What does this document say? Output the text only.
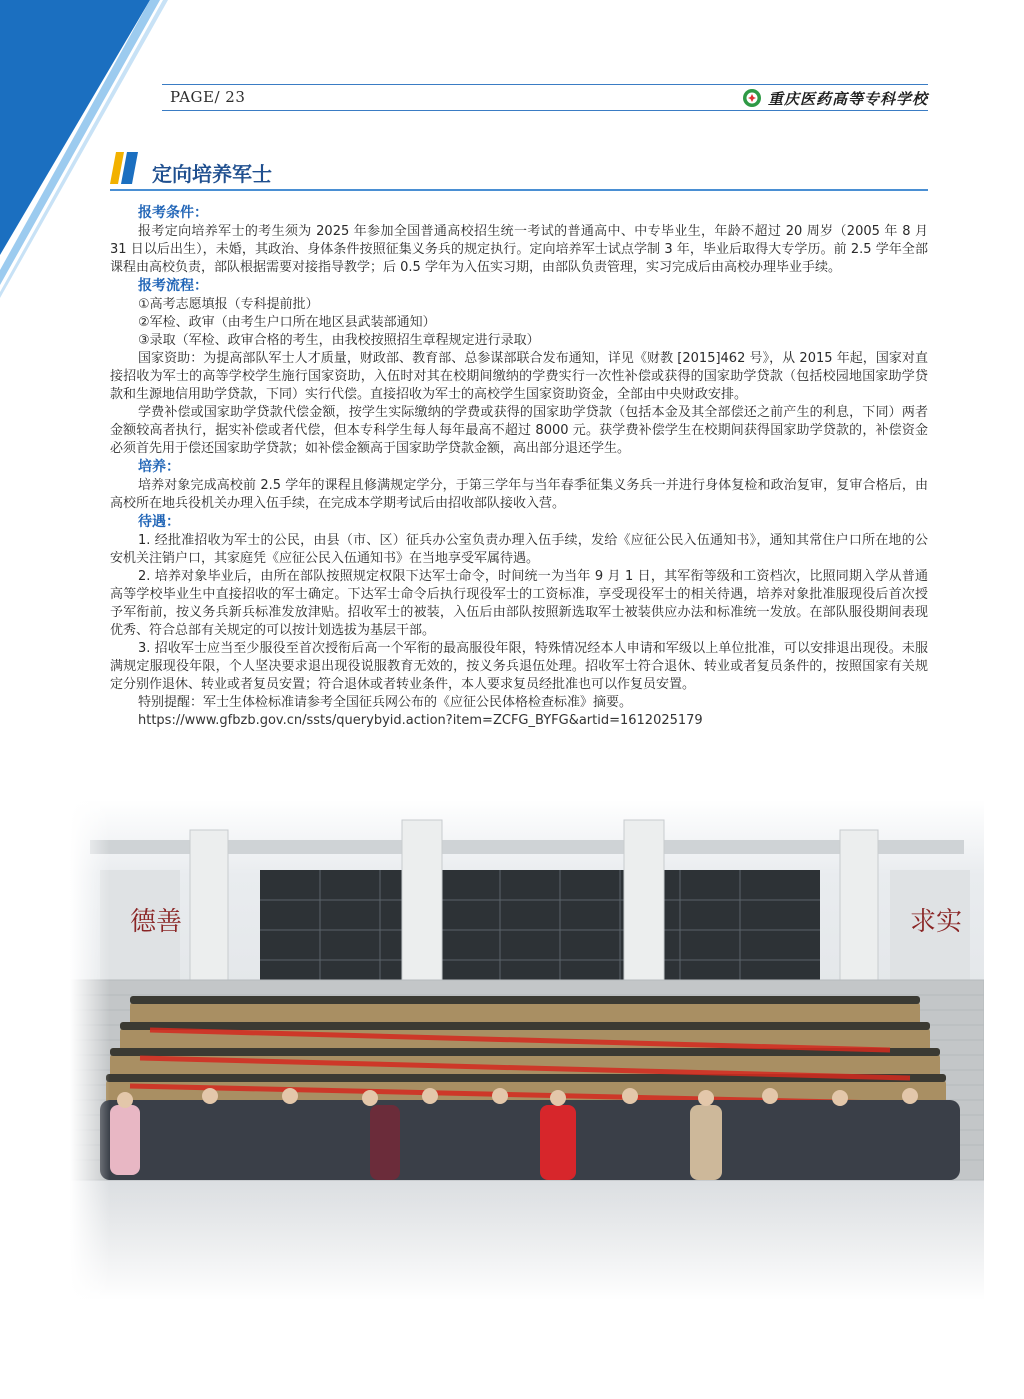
PAGE/ 23	重庆医药高等专科学校
定向培养军士

报考条件：

报考定向培养军士的考生须为 2025 年参加全国普通高校招生统一考试的普通高中、中专毕业生，年龄不超过 20 周岁（2005 年 8 月 31 日以后出生），未婚，其政治、身体条件按照征集义务兵的规定执行。定向培养军士试点学制 3 年，毕业后取得大专学历。前 2.5 学年全部课程由高校负责，部队根据需要对接指导教学；后 0.5 学年为入伍实习期，由部队负责管理，实习完成后由高校办理毕业手续。

报考流程：

①高考志愿填报（专科提前批）

②军检、政审（由考生户口所在地区县武装部通知）

③录取（军检、政审合格的考生，由我校按照招生章程规定进行录取）

国家资助：为提高部队军士人才质量，财政部、教育部、总参谋部联合发布通知，详见《财教 [2015]462 号》，从 2015 年起，国家对直接招收为军士的高等学校学生施行国家资助，入伍时对其在校期间缴纳的学费实行一次性补偿或获得的国家助学贷款（包括校园地国家助学贷款和生源地信用助学贷款，下同）实行代偿。直接招收为军士的高校学生国家资助资金，全部由中央财政安排。

学费补偿或国家助学贷款代偿金额，按学生实际缴纳的学费或获得的国家助学贷款（包括本金及其全部偿还之前产生的利息，下同）两者金额较高者执行，据实补偿或者代偿，但本专科学生每人每年最高不超过 8000 元。获学费补偿学生在校期间获得国家助学贷款的，补偿资金必须首先用于偿还国家助学贷款；如补偿金额高于国家助学贷款金额，高出部分退还学生。

培养：

培养对象完成高校前 2.5 学年的课程且修满规定学分，于第三学年与当年春季征集义务兵一并进行身体复检和政治复审，复审合格后，由高校所在地兵役机关办理入伍手续，在完成本学期考试后由招收部队接收入营。

待遇：

1. 经批准招收为军士的公民，由县（市、区）征兵办公室负责办理入伍手续，发给《应征公民入伍通知书》，通知其常住户口所在地的公安机关注销户口，其家庭凭《应征公民入伍通知书》在当地享受军属待遇。

2. 培养对象毕业后，由所在部队按照规定权限下达军士命令，时间统一为当年 9 月 1 日，其军衔等级和工资档次，比照同期入学从普通高等学校毕业生中直接招收的军士确定。下达军士命令后执行现役军士的工资标准，享受现役军士的相关待遇，培养对象批准服现役后首次授予军衔前，按义务兵新兵标准发放津贴。招收军士的被装，入伍后由部队按照新选取军士被装供应办法和标准统一发放。在部队服役期间表现优秀、符合总部有关规定的可以按计划选拔为基层干部。

3. 招收军士应当至少服役至首次授衔后高一个军衔的最高服役年限，特殊情况经本人申请和军级以上单位批准，可以安排退出现役。未服满规定服现役年限，个人坚决要求退出现役说服教育无效的，按义务兵退伍处理。招收军士符合退休、转业或者复员条件的，按照国家有关规定分别作退休、转业或者复员安置；符合退休或者转业条件，本人要求复员经批准也可以作复员安置。

特别提醒：军士生体检标准请参考全国征兵网公布的《应征公民体格检查标准》摘要。

https://www.gfbzb.gov.cn/ssts/querybyid.action?item=ZCFG_BYFG&artid=1612025179

德善	求实
